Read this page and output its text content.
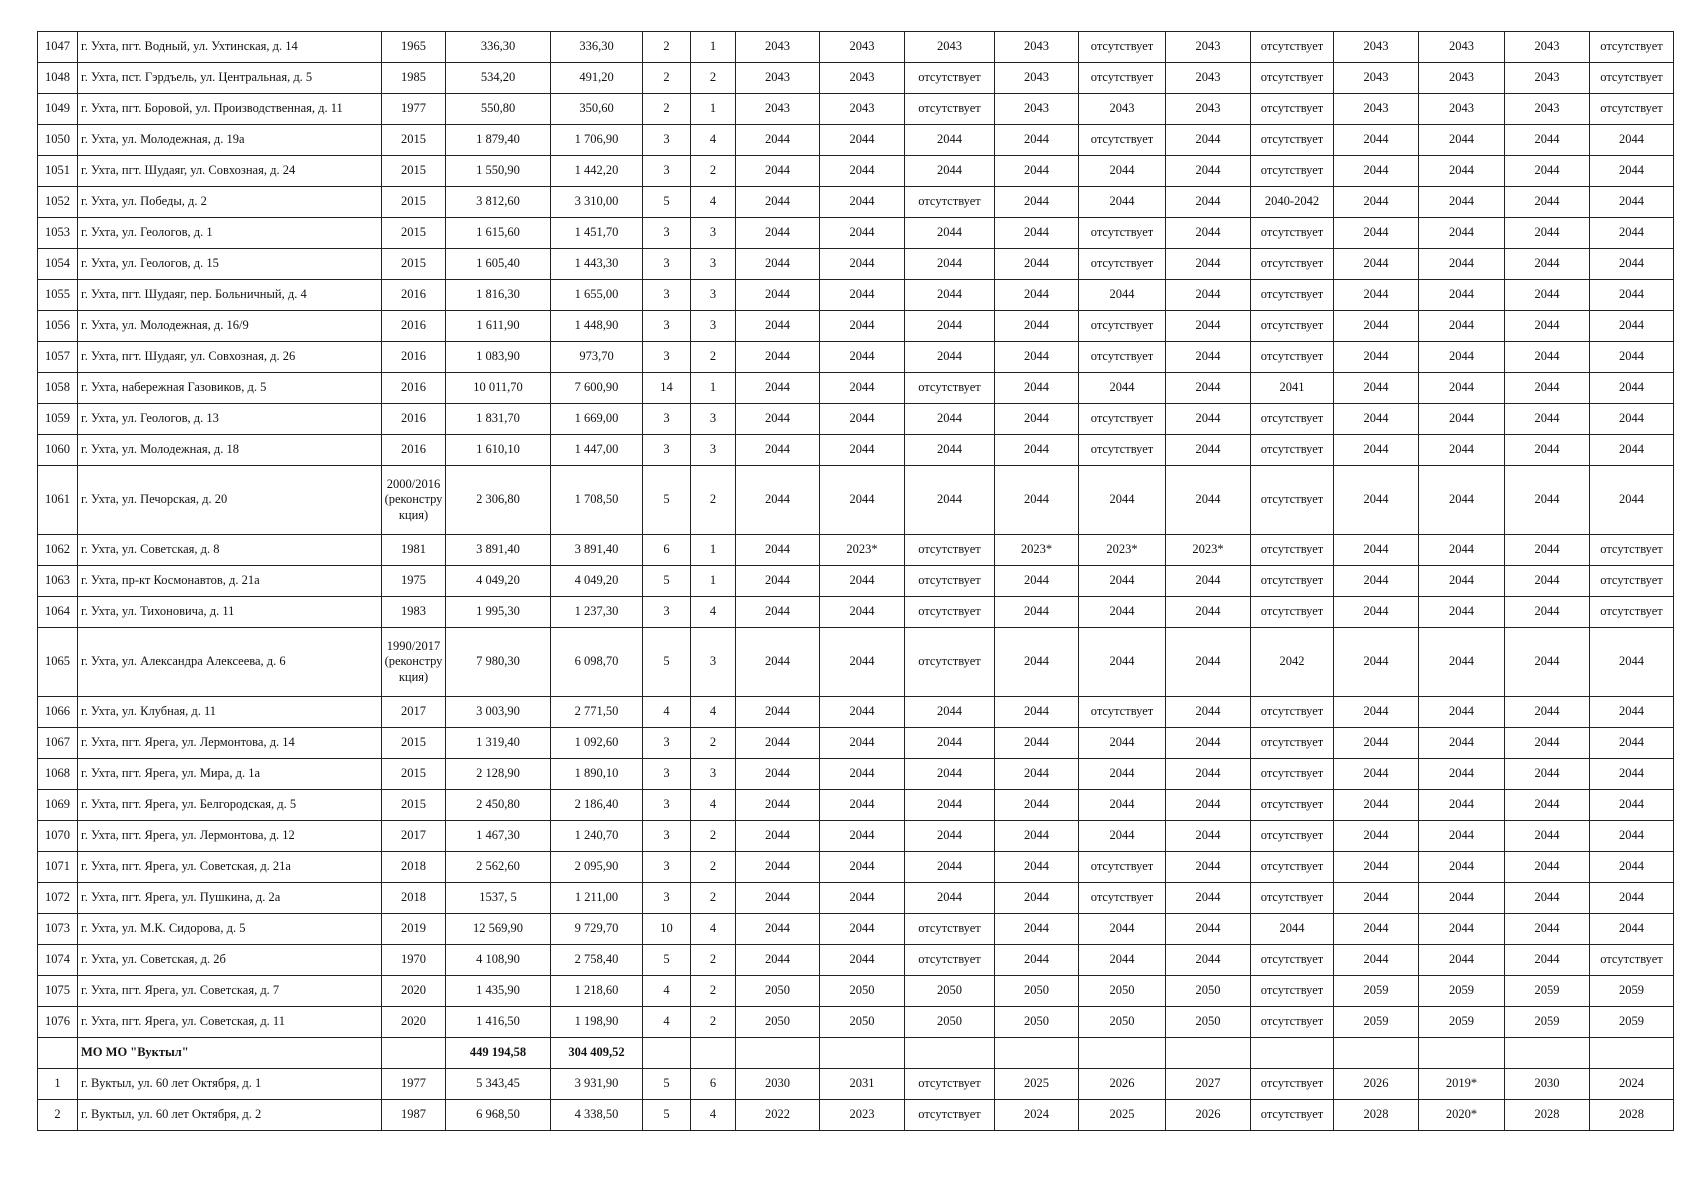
1047	г. Ухта, пгт. Водный, ул. Ухтинская, д. 14	1965	336,30	336,30	2	1	2043	2043	2043	2043	отсутствует	2043	отсутствует	2043	2043	2043	отсутствует
1048	г. Ухта, пст. Гэрдъель, ул. Центральная, д. 5	1985	534,20	491,20	2	2	2043	2043	отсутствует	2043	отсутствует	2043	отсутствует	2043	2043	2043	отсутствует
1049	г. Ухта, пгт. Боровой, ул. Производственная, д. 11	1977	550,80	350,60	2	1	2043	2043	отсутствует	2043	2043	2043	отсутствует	2043	2043	2043	отсутствует
1050	г. Ухта, ул. Молодежная, д. 19а	2015	1 879,40	1 706,90	3	4	2044	2044	2044	2044	отсутствует	2044	отсутствует	2044	2044	2044	2044
1051	г. Ухта, пгт. Шудаяг, ул. Совхозная, д. 24	2015	1 550,90	1 442,20	3	2	2044	2044	2044	2044	2044	2044	отсутствует	2044	2044	2044	2044
1052	г. Ухта, ул. Победы, д. 2	2015	3 812,60	3 310,00	5	4	2044	2044	отсутствует	2044	2044	2044	2040-2042	2044	2044	2044	2044
1053	г. Ухта, ул. Геологов, д. 1	2015	1 615,60	1 451,70	3	3	2044	2044	2044	2044	отсутствует	2044	отсутствует	2044	2044	2044	2044
1054	г. Ухта, ул. Геологов, д. 15	2015	1 605,40	1 443,30	3	3	2044	2044	2044	2044	отсутствует	2044	отсутствует	2044	2044	2044	2044
1055	г. Ухта, пгт. Шудаяг, пер. Больничный, д. 4	2016	1 816,30	1 655,00	3	3	2044	2044	2044	2044	2044	2044	отсутствует	2044	2044	2044	2044
1056	г. Ухта, ул. Молодежная, д. 16/9	2016	1 611,90	1 448,90	3	3	2044	2044	2044	2044	отсутствует	2044	отсутствует	2044	2044	2044	2044
1057	г. Ухта, пгт. Шудаяг, ул. Совхозная, д. 26	2016	1 083,90	973,70	3	2	2044	2044	2044	2044	отсутствует	2044	отсутствует	2044	2044	2044	2044
1058	г. Ухта, набережная Газовиков, д. 5	2016	10 011,70	7 600,90	14	1	2044	2044	отсутствует	2044	2044	2044	2041	2044	2044	2044	2044
1059	г. Ухта, ул. Геологов, д. 13	2016	1 831,70	1 669,00	3	3	2044	2044	2044	2044	отсутствует	2044	отсутствует	2044	2044	2044	2044
1060	г. Ухта, ул. Молодежная, д. 18	2016	1 610,10	1 447,00	3	3	2044	2044	2044	2044	отсутствует	2044	отсутствует	2044	2044	2044	2044
1061	г. Ухта, ул. Печорская, д. 20	2000/2016 (реконструкция)	2 306,80	1 708,50	5	2	2044	2044	2044	2044	2044	2044	отсутствует	2044	2044	2044	2044
1062	г. Ухта, ул. Советская, д. 8	1981	3 891,40	3 891,40	6	1	2044	2023*	отсутствует	2023*	2023*	2023*	отсутствует	2044	2044	2044	отсутствует
1063	г. Ухта, пр-кт Космонавтов, д. 21а	1975	4 049,20	4 049,20	5	1	2044	2044	отсутствует	2044	2044	2044	отсутствует	2044	2044	2044	отсутствует
1064	г. Ухта, ул. Тихоновича, д. 11	1983	1 995,30	1 237,30	3	4	2044	2044	отсутствует	2044	2044	2044	отсутствует	2044	2044	2044	отсутствует
1065	г. Ухта, ул. Александра Алексеева, д. 6	1990/2017 (реконструкция)	7 980,30	6 098,70	5	3	2044	2044	отсутствует	2044	2044	2044	2042	2044	2044	2044	2044
1066	г. Ухта, ул. Клубная, д. 11	2017	3 003,90	2 771,50	4	4	2044	2044	2044	2044	отсутствует	2044	отсутствует	2044	2044	2044	2044
1067	г. Ухта, пгт. Ярега, ул. Лермонтова, д. 14	2015	1 319,40	1 092,60	3	2	2044	2044	2044	2044	2044	2044	отсутствует	2044	2044	2044	2044
1068	г. Ухта, пгт. Ярега, ул. Мира, д. 1а	2015	2 128,90	1 890,10	3	3	2044	2044	2044	2044	2044	2044	отсутствует	2044	2044	2044	2044
1069	г. Ухта, пгт. Ярега, ул. Белгородская, д. 5	2015	2 450,80	2 186,40	3	4	2044	2044	2044	2044	2044	2044	отсутствует	2044	2044	2044	2044
1070	г. Ухта, пгт. Ярега, ул. Лермонтова, д. 12	2017	1 467,30	1 240,70	3	2	2044	2044	2044	2044	2044	2044	отсутствует	2044	2044	2044	2044
1071	г. Ухта, пгт. Ярега, ул. Советская, д. 21а	2018	2 562,60	2 095,90	3	2	2044	2044	2044	2044	отсутствует	2044	отсутствует	2044	2044	2044	2044
1072	г. Ухта, пгт. Ярега, ул. Пушкина, д. 2а	2018	1537, 5	1 211,00	3	2	2044	2044	2044	2044	отсутствует	2044	отсутствует	2044	2044	2044	2044
1073	г. Ухта, ул. М.К. Сидорова, д. 5	2019	12 569,90	9 729,70	10	4	2044	2044	отсутствует	2044	2044	2044	2044	2044	2044	2044	2044
1074	г. Ухта, ул. Советская, д. 2б	1970	4 108,90	2 758,40	5	2	2044	2044	отсутствует	2044	2044	2044	отсутствует	2044	2044	2044	отсутствует
1075	г. Ухта, пгт. Ярега, ул. Советская, д. 7	2020	1 435,90	1 218,60	4	2	2050	2050	2050	2050	2050	2050	отсутствует	2059	2059	2059	2059
1076	г. Ухта, пгт. Ярега, ул. Советская, д. 11	2020	1 416,50	1 198,90	4	2	2050	2050	2050	2050	2050	2050	отсутствует	2059	2059	2059	2059
	МО МО "Вуктыл"		449 194,58	304 409,52													
1	г. Вуктыл, ул. 60 лет Октября, д. 1	1977	5 343,45	3 931,90	5	6	2030	2031	отсутствует	2025	2026	2027	отсутствует	2026	2019*	2030	2024
2	г. Вуктыл, ул. 60 лет Октября, д. 2	1987	6 968,50	4 338,50	5	4	2022	2023	отсутствует	2024	2025	2026	отсутствует	2028	2020*	2028	2028
